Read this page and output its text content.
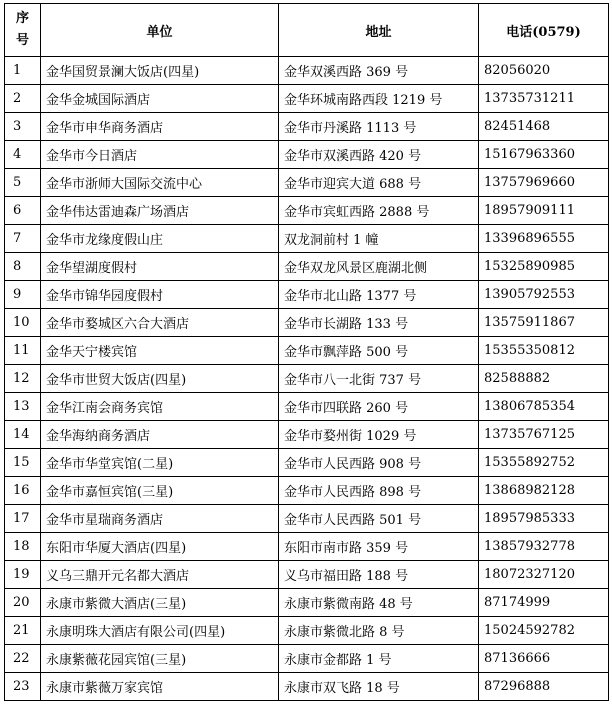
序
号	单位	地址	电话(0579)
1	金华国贸景澜大饭店(四星)	金华双溪西路 369 号	82056020
2	金华金城国际酒店	金华环城南路西段 1219 号	13735731211
3	金华市申华商务酒店	金华市丹溪路 1113 号	82451468
4	金华市今日酒店	金华市双溪西路 420 号	15167963360
5	金华市浙师大国际交流中心	金华市迎宾大道 688 号	13757969660
6	金华伟达雷迪森广场酒店	金华市宾虹西路 2888 号	18957909111
7	金华市龙缘度假山庄	双龙洞前村 1 幢	13396896555
8	金华望湖度假村	金华双龙风景区鹿湖北侧	15325890985
9	金华市锦华园度假村	金华市北山路 1377 号	13905792553
10	金华市婺城区六合大酒店	金华市长湖路 133 号	13575911867
11	金华天宁楼宾馆	金华市飘萍路 500 号	15355350812
12	金华市世贸大饭店(四星)	金华市八一北街 737 号	82588882
13	金华江南会商务宾馆	金华市四联路 260 号	13806785354
14	金华海纳商务酒店	金华市婺州街 1029 号	13735767125
15	金华市华堂宾馆(二星)	金华市人民西路 908 号	15355892752
16	金华市嘉恒宾馆(三星)	金华市人民西路 898 号	13868982128
17	金华市星瑞商务酒店	金华市人民西路 501 号	18957985333
18	东阳市华厦大酒店(四星)	东阳市南市路 359 号	13857932778
19	义乌三鼎开元名都大酒店	义乌市福田路 188 号	18072327120
20	永康市紫微大酒店(三星)	永康市紫微南路 48 号	87174999
21	永康明珠大酒店有限公司(四星)	永康市紫微北路 8 号	15024592782
22	永康紫薇花园宾馆(三星)	永康市金都路 1 号	87136666
23	永康市紫薇万家宾馆	永康市双飞路 18 号	87296888
